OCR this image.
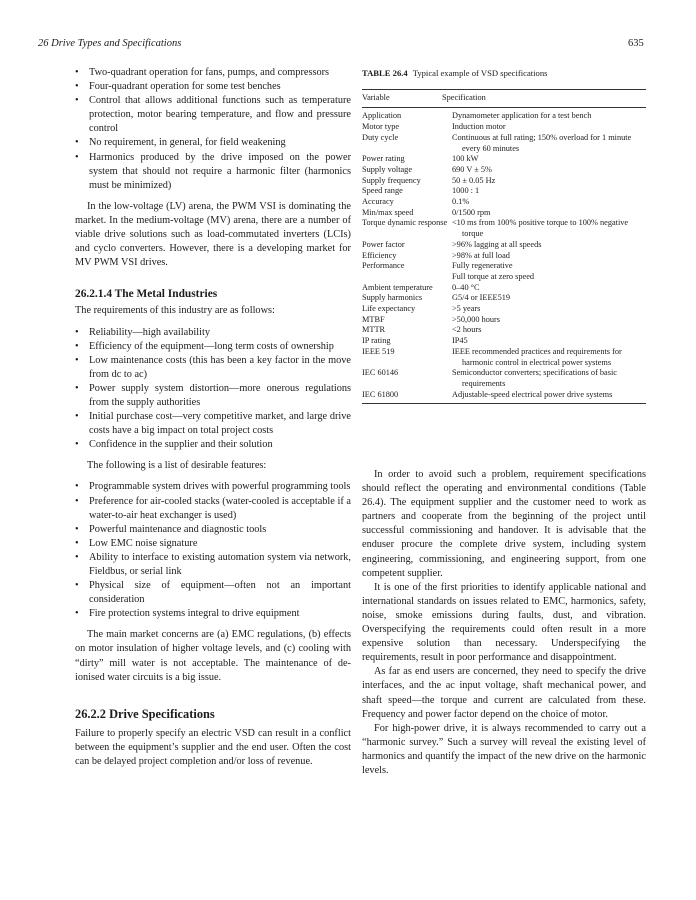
26 Drive Types and Specifications	635
• Two-quadrant operation for fans, pumps, and compressors
• Four-quadrant operation for some test benches
• Control that allows additional functions such as temperature protection, motor bearing temperature, and flow and pressure control
• No requirement, in general, for field weakening
• Harmonics produced by the drive imposed on the power system that should not require a harmonic filter (harmonics must be minimized)

In the low-voltage (LV) arena, the PWM VSI is dominating the market. In the medium-voltage (MV) arena, there are a number of viable drive solutions such as load-commutated inverters (LCIs) and cyclo converters. However, there is a developing market for MV PWM VSI drives.

26.2.1.4 The Metal Industries

The requirements of this industry are as follows:

• Reliability—high availability
• Efficiency of the equipment—long term costs of ownership
• Low maintenance costs (this has been a key factor in the move from dc to ac)
• Power supply system distortion—more onerous regulations from the supply authorities
• Initial purchase cost—very competitive market, and large drive costs have a big impact on total project costs
• Confidence in the supplier and their solution

The following is a list of desirable features:

• Programmable system drives with powerful programming tools
• Preference for air-cooled stacks (water-cooled is acceptable if a water-to-air heat exchanger is used)
• Powerful maintenance and diagnostic tools
• Low EMC noise signature
• Ability to interface to existing automation system via network, Fieldbus, or serial link
• Physical size of equipment—often not an important consideration
• Fire protection systems integral to drive equipment

The main market concerns are (a) EMC regulations, (b) effects on motor insulation of higher voltage levels, and (c) cooling with “dirty” mill water is not acceptable. The maintenance of de-ionised water circuits is a big issue.

26.2.2 Drive Specifications

Failure to properly specify an electric VSD can result in a conflict between the equipment’s supplier and the end user. Often the cost can be delayed project completion and/or loss of revenue.

TABLE 26.4 Typical example of VSD specifications
Variable	Specification
Application	Dynamometer application for a test bench
Motor type	Induction motor
Duty cycle	Continuous at full rating; 150% overload for 1 minute every 60 minutes
Power rating	100 kW
Supply voltage	690 V ± 5%
Supply frequency	50 ± 0.05 Hz
Speed range	1000 : 1
Accuracy	0.1%
Min/max speed	0/1500 rpm
Torque dynamic response <10 ms from 100% positive torque to 100% negative torque
Power factor	>96% lagging at all speeds
Efficiency	>98% at full load
Performance	Fully regenerative
Full torque at zero speed
Ambient temperature	0–40 °C
Supply harmonics	G5/4 or IEEE519
Life expectancy	>5 years
MTBF	>50,000 hours
MTTR	<2 hours
IP rating	IP45
IEEE 519	IEEE recommended practices and requirements for harmonic control in electrical power systems
IEC 60146	Semiconductor converters; specifications of basic requirements
IEC 61800	Adjustable-speed electrical power drive systems

In order to avoid such a problem, requirement specifications should reflect the operating and environmental conditions (Table 26.4). The equipment supplier and the customer need to work as partners and cooperate from the beginning of the project until successful commissioning and handover. It is advisable that the enduser procure the complete drive system, including system engineering, commissioning, and engineering support, from one competent supplier.

It is one of the first priorities to identify applicable national and international standards on issues related to EMC, harmonics, safety, noise, smoke emissions during faults, dust, and vibration. Overspecifying the requirements could often result in a more expensive solution than necessary. Underspecifying the requirements, result in poor performance and disappointment.

As far as end users are concerned, they need to specify the drive interfaces, and the ac input voltage, shaft mechanical power, and shaft speed—the torque and current are calculated from these. Frequency and power factor depend on the choice of motor.

For high-power drive, it is always recommended to carry out a “harmonic survey.” Such a survey will reveal the existing level of harmonics and quantify the impact of the new drive on the harmonic levels.
